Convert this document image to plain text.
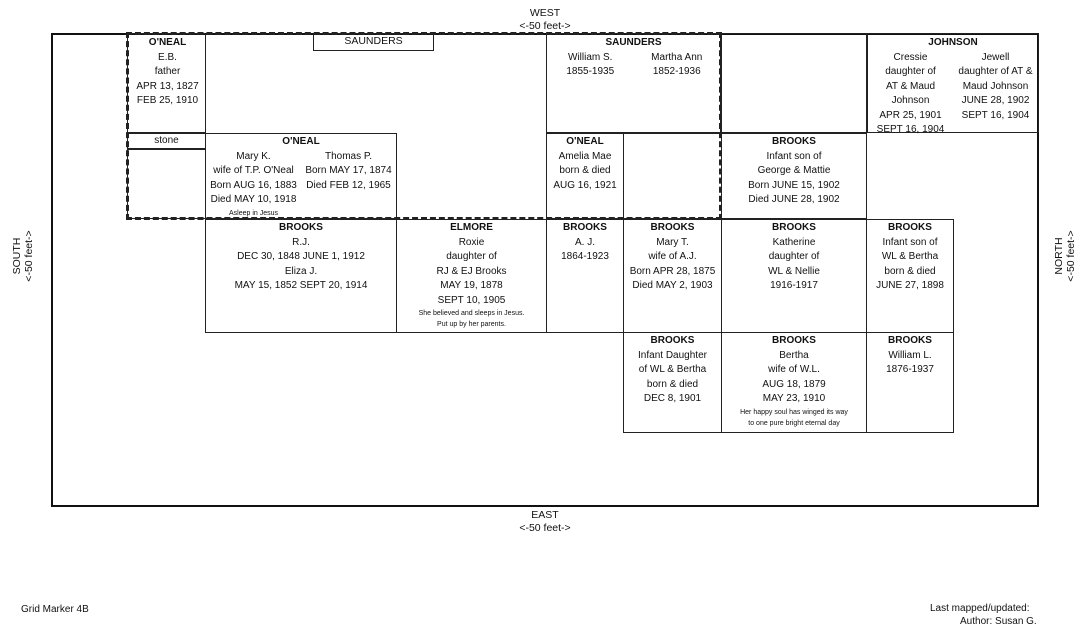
WEST
<-50 feet->
EAST
<-50 feet->
SOUTH <-50 feet->	NORTH <-50 feet->
O'NEAL
E.B.
father
APR 13, 1827
FEB 25, 1910
SAUNDERS	SAUNDERS
William S.
1855-1935
Martha Ann
1852-1936
JOHNSON
Cressie
daughter of
AT & Maud
Johnson
APR 25, 1901
SEPT 16, 1904
Jewell
daughter of AT &
Maud Johnson
JUNE 28, 1902
SEPT 16, 1904
stone	O'NEAL
Mary K.
wife of T.P. O'Neal
Born AUG 16, 1883
Died MAY 10, 1918
Asleep in Jesus
Thomas P.
Born MAY 17, 1874
Died FEB 12, 1965
O'NEAL
Amelia Mae
born & died
AUG 16, 1921
BROOKS
Infant son of
George & Mattie
Born JUNE 15, 1902
Died JUNE 28, 1902
BROOKS
R.J.
DEC 30, 1848 JUNE 1, 1912
Eliza J.
MAY 15, 1852 SEPT 20, 1914
ELMORE
Roxie
daughter of
RJ & EJ Brooks
MAY 19, 1878
SEPT 10, 1905
She believed and sleeps in Jesus.
Put up by her parents.
BROOKS
A. J.
1864-1923
BROOKS
Mary T.
wife of A.J.
Born APR 28, 1875
Died MAY 2, 1903
BROOKS
Katherine
daughter of
WL & Nellie
1916-1917
BROOKS
Infant son of
WL & Bertha
born & died
JUNE 27, 1898
BROOKS
Infant Daughter
of WL & Bertha
born & died
DEC 8, 1901
BROOKS
Bertha
wife of W.L.
AUG 18, 1879
MAY 23, 1910
Her happy soul has winged its way
to one pure bright eternal day
BROOKS
William L.
1876-1937
Grid Marker 4B	Last mapped/updated:
Author: Susan G.
